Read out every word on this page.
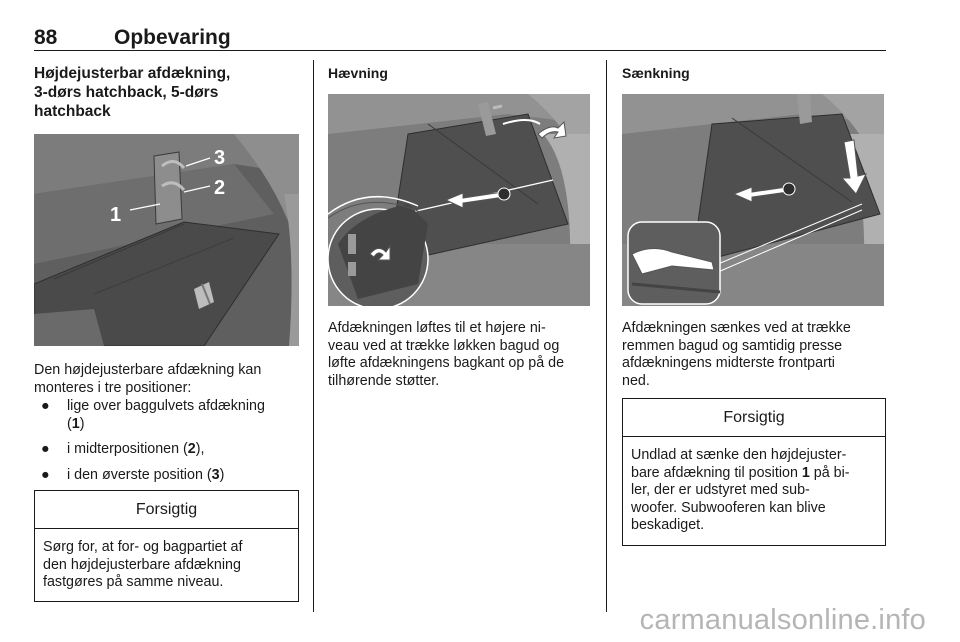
88	Opbevaring

Højdejusterbar afdækning,
3-dørs hatchback, 5-dørs
hatchback

3
2
1

Den højdejusterbare afdækning kan
monteres i tre positioner:

● lige over baggulvets afdækning
(1)
● i midterpositionen (2),
● i den øverste position (3)
Forsigtig
Sørg for, at for- og bagpartiet af
den højdejusterbare afdækning
fastgøres på samme niveau.

Hævning

Afdækningen løftes til et højere ni-
veau ved at trække løkken bagud og
løfte afdækningens bagkant op på de
tilhørende støtter.

Sænkning

Afdækningen sænkes ved at trække
remmen bagud og samtidig presse
afdækningens midterste frontparti
ned.

Forsigtig
Undlad at sænke den højdejuster-
bare afdækning til position 1 på bi-
ler, der er udstyret med sub-
woofer. Subwooferen kan blive
beskadiget.
carmanualsonline.info
